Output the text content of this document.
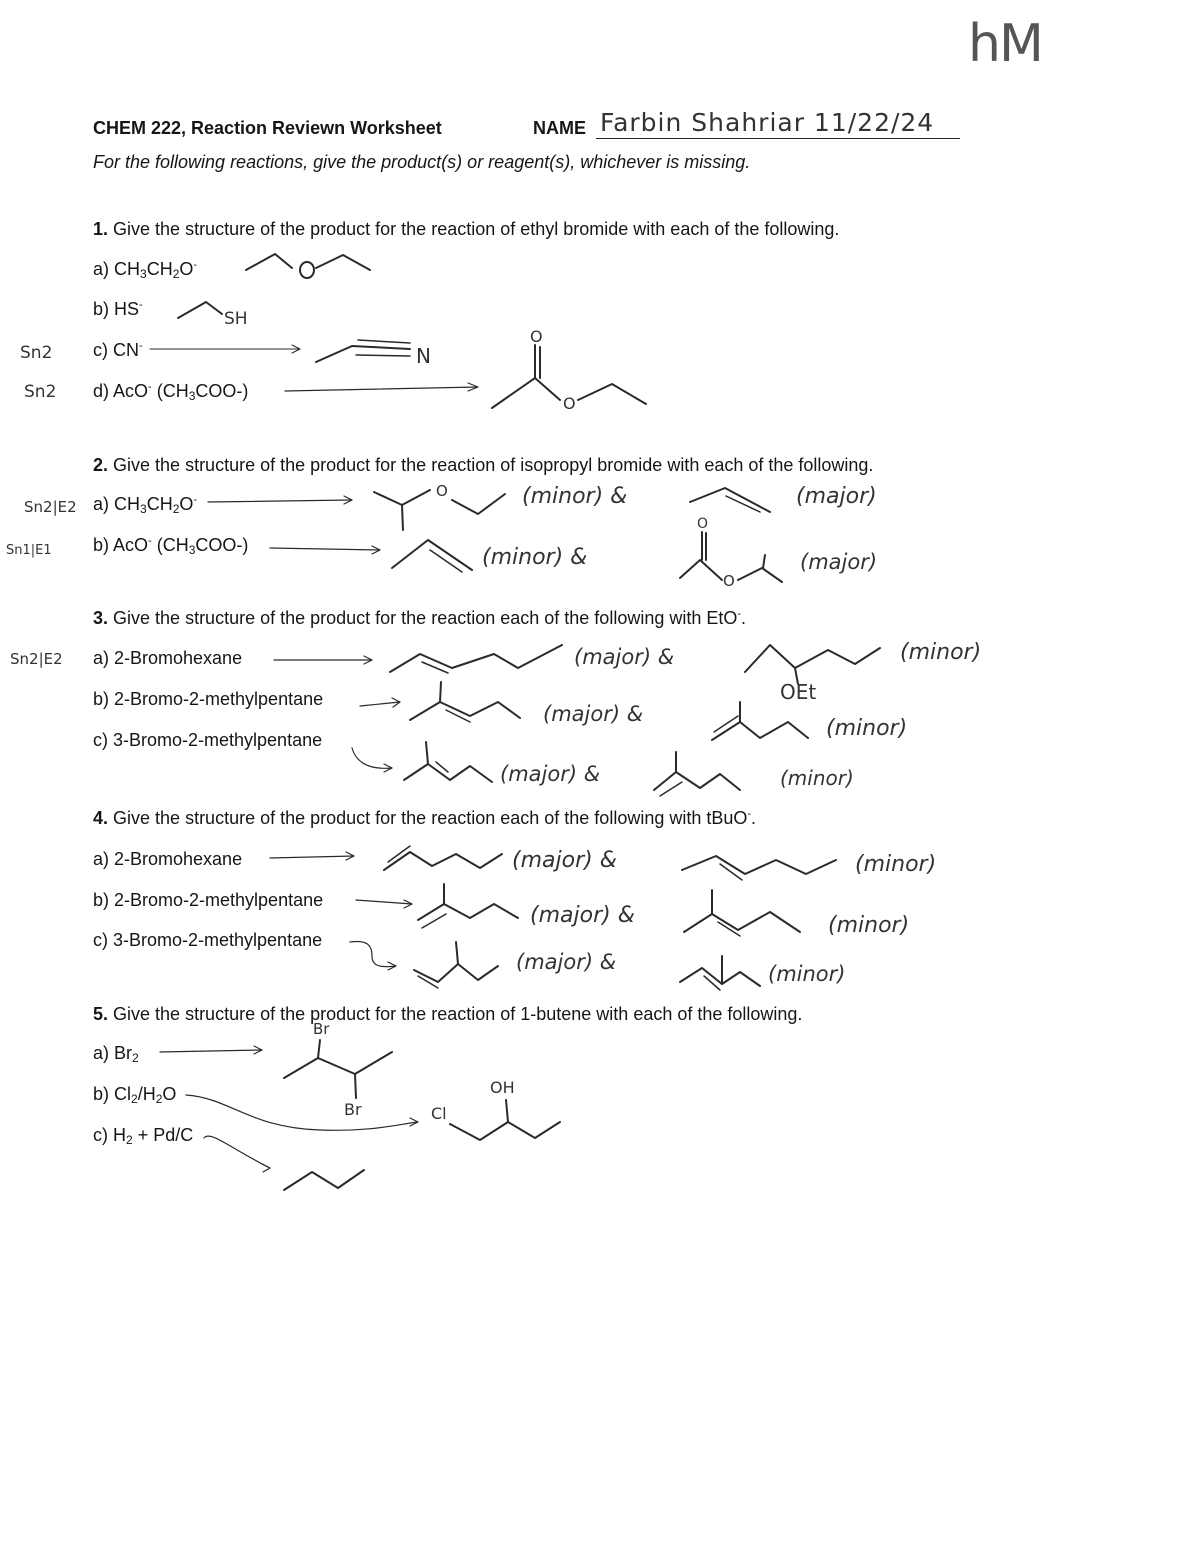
hM
CHEM 222, Reaction Reviewn Worksheet	NAME Farbin Shahriar 11/22/24
For the following reactions, give the product(s) or reagent(s), whichever is missing.
1. Give the structure of the product for the reaction of ethyl bromide with each of the following.
a) $CH_3CH_2O^-$
b) HS-
c) CN-
d) AcO- $(CH_3COO-)$
Sn2
Sn2
SH
N
O
O
2. Give the structure of the product for the reaction of isopropyl bromide with each of the following.
a) $CH_3CH_2O^-$
b) AcO- $(CH_3COO-)$
Sn2|E2
Sn1|E1
O	(minor) &	(major)
(minor) &
O
O
(major)
3. Give the structure of the product for the reaction each of the following with EtO-.
Sn2|E2 a) 2-Bromohexane
b) 2-Bromo-2-methylpentane
c) 3-Bromo-2-methylpentane
(major) &	(minor)
OEt
(major) &
(minor)
(major) &	(minor)
4. Give the structure of the product for the reaction each of the following with tBuO-.
a) 2-Bromohexane
b) 2-Bromo-2-methylpentane
c) 3-Bromo-2-methylpentane
(major) &	(minor)
(major) &	(minor)
(major) &	(minor)
5. Give the structure of the product for the reaction of 1-butene with each of the following.
a) $Br_2$
b) $Cl_2/H_2O$
c) $H_2 + Pd/C$
Br
Br	Cl
OH
